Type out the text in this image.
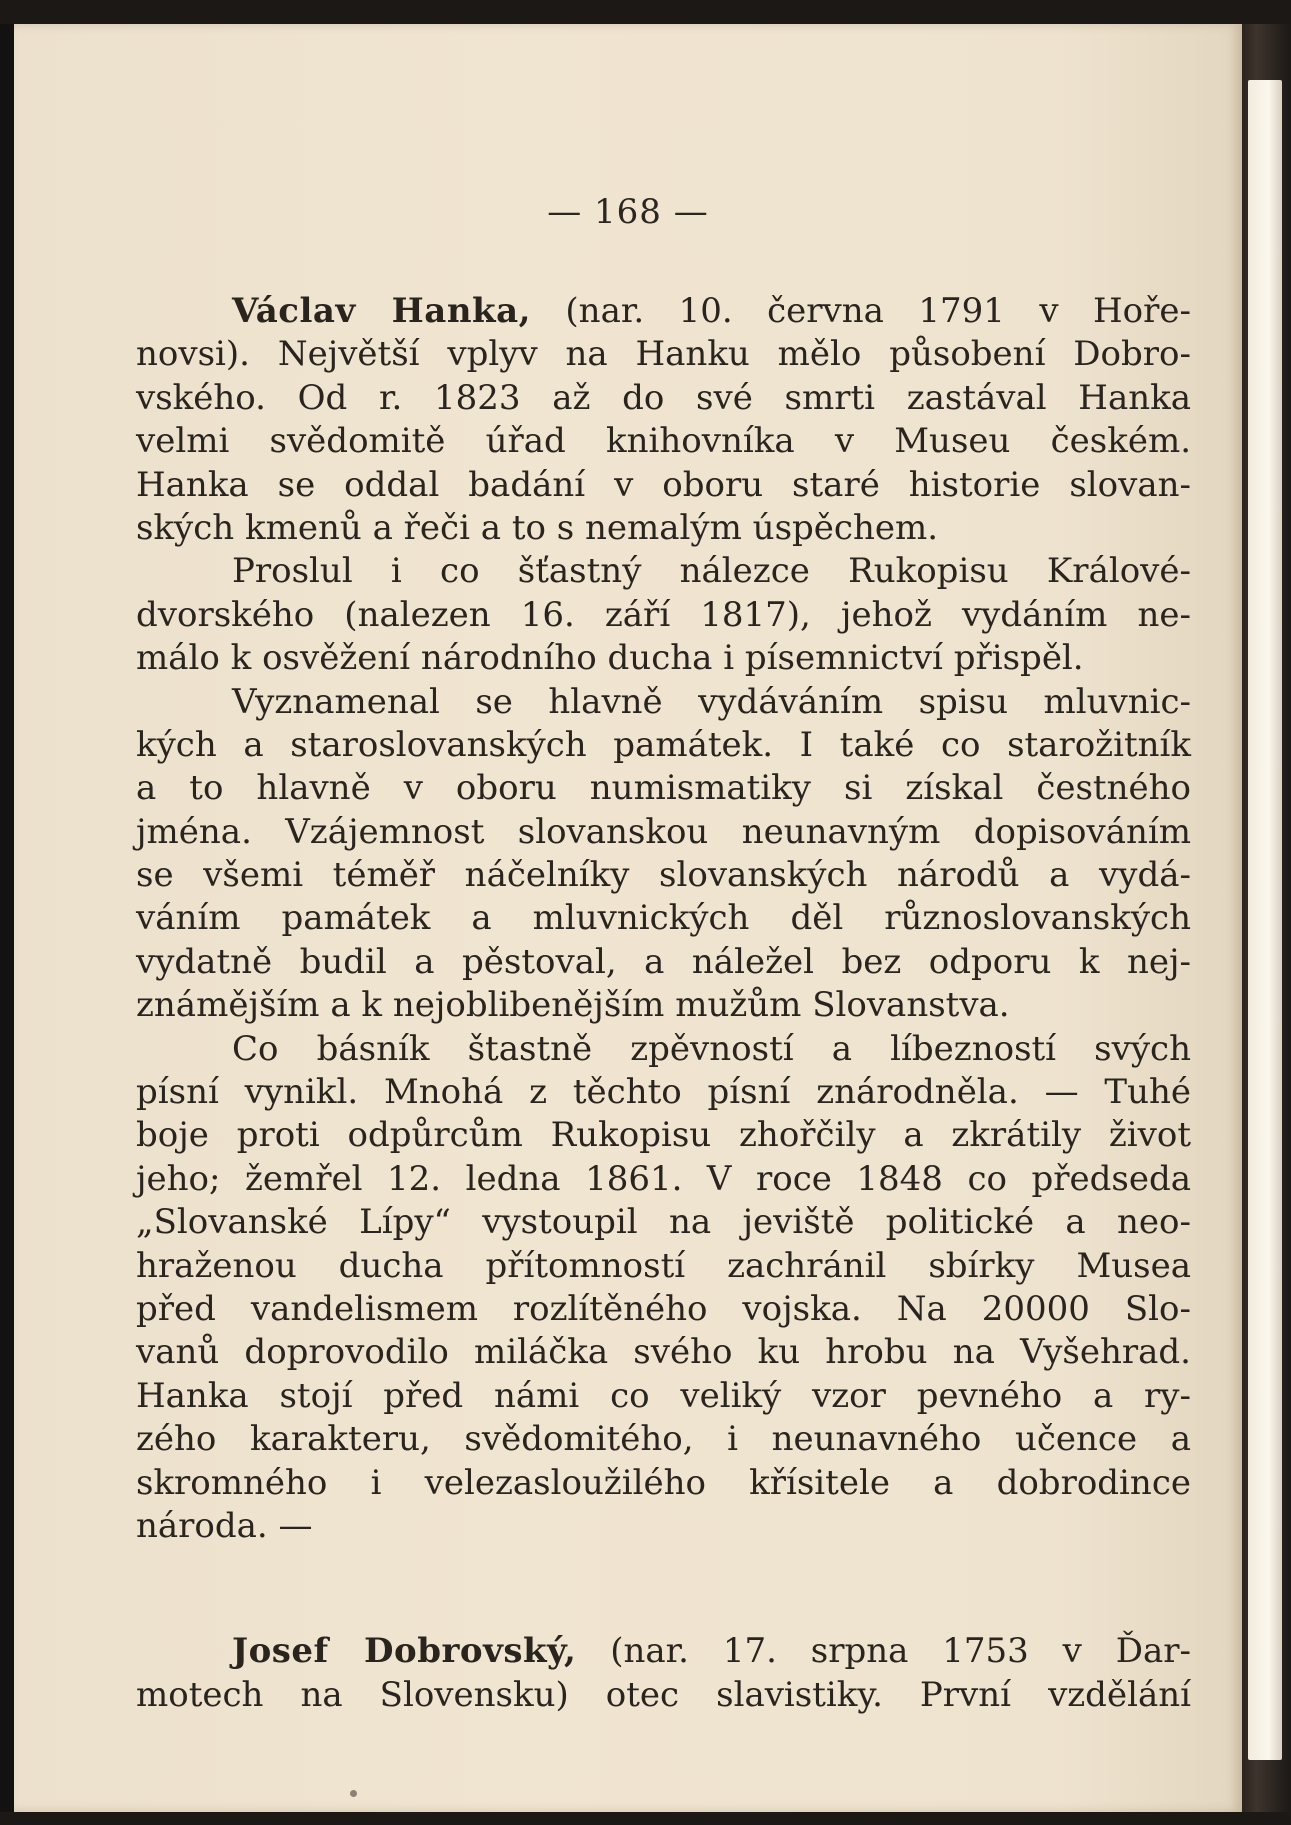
— 168 —
Václav Hanka, (nar. 10. června 1791 v Hoře-
novsi). Největší vplyv na Hanku mělo působení Dobro-
vského. Od r. 1823 až do své smrti zastával Hanka
velmi svědomitě úřad knihovníka v Museu českém.
Hanka se oddal badání v oboru staré historie slovan-
ských kmenů a řeči a to s nemalým úspěchem.
Proslul i co šťastný nálezce Rukopisu Králové-
dvorského (nalezen 16. září 1817), jehož vydáním ne-
málo k osvěžení národního ducha i písemnictví přispěl.
Vyznamenal se hlavně vydáváním spisu mluvnic-
kých a staroslovanských památek. I také co starožitník
a to hlavně v oboru numismatiky si získal čestného
jména. Vzájemnost slovanskou neunavným dopisováním
se všemi téměř náčelníky slovanských národů a vydá-
váním památek a mluvnických děl různoslovanských
vydatně budil a pěstoval, a náležel bez odporu k nej-
známějším a k nejoblibenějším mužům Slovanstva.
Co básník štastně zpěvností a líbezností svých
písní vynikl. Mnohá z těchto písní znárodněla. — Tuhé
boje proti odpůrcům Rukopisu zhořčily a zkrátily život
jeho; žemřel 12. ledna 1861. V roce 1848 co předseda
„Slovanské Lípy“ vystoupil na jeviště politické a neo-
hraženou ducha přítomností zachránil sbírky Musea
před vandelismem rozlítěného vojska. Na 20000 Slo-
vanů doprovodilo miláčka svého ku hrobu na Vyšehrad.
Hanka stojí před námi co veliký vzor pevného a ry-
zého karakteru, svědomitého, i neunavného učence a
skromného i velezasloužilého křísitele a dobrodince
národa. —
Josef Dobrovský, (nar. 17. srpna 1753 v Ďar-
motech na Slovensku) otec slavistiky. První vzdělání
